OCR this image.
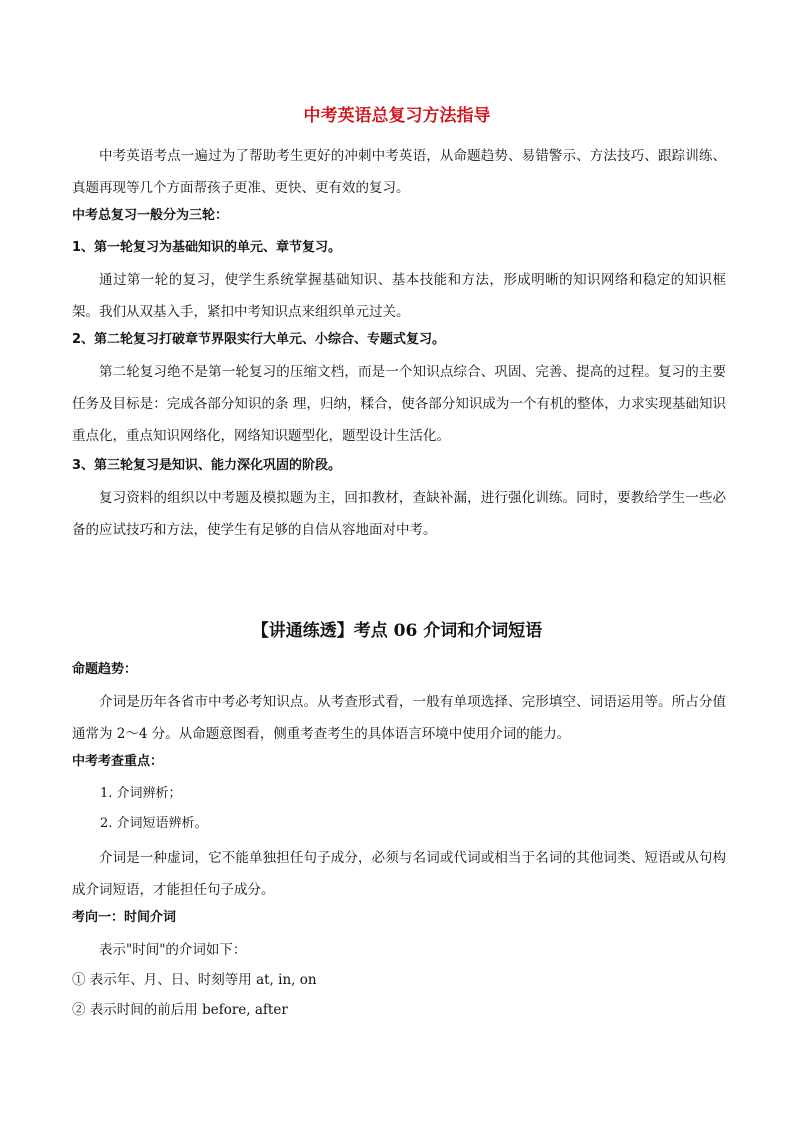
中考英语总复习方法指导
中考英语考点一遍过为了帮助考生更好的冲刺中考英语，从命题趋势、易错警示、方法技巧、跟踪训练、真题再现等几个方面帮孩子更准、更快、更有效的复习。
中考总复习一般分为三轮：
1、第一轮复习为基础知识的单元、章节复习。
通过第一轮的复习，使学生系统掌握基础知识、基本技能和方法，形成明晰的知识网络和稳定的知识框架。我们从双基入手，紧扣中考知识点来组织单元过关。
2、第二轮复习打破章节界限实行大单元、小综合、专题式复习。
第二轮复习绝不是第一轮复习的压缩文档，而是一个知识点综合、巩固、完善、提高的过程。复习的主要任务及目标是：完成各部分知识的条 理，归纳，糅合，使各部分知识成为一个有机的整体，力求实现基础知识重点化，重点知识网络化，网络知识题型化，题型设计生活化。
3、第三轮复习是知识、能力深化巩固的阶段。
复习资料的组织以中考题及模拟题为主，回扣教材，查缺补漏，进行强化训练。同时，要教给学生一些必备的应试技巧和方法，使学生有足够的自信从容地面对中考。
【讲通练透】考点 06 介词和介词短语
命题趋势：
介词是历年各省市中考必考知识点。从考查形式看，一般有单项选择、完形填空、词语运用等。所占分值通常为 2～4 分。从命题意图看，侧重考查考生的具体语言环境中使用介词的能力。
中考考查重点：
1. 介词辨析；
2. 介词短语辨析。
介词是一种虚词，它不能单独担任句子成分，必须与名词或代词或相当于名词的其他词类、短语或从句构成介词短语，才能担任句子成分。
考向一：时间介词
表示"时间"的介词如下：
① 表示年、月、日、时刻等用 at, in, on
② 表示时间的前后用 before, after
